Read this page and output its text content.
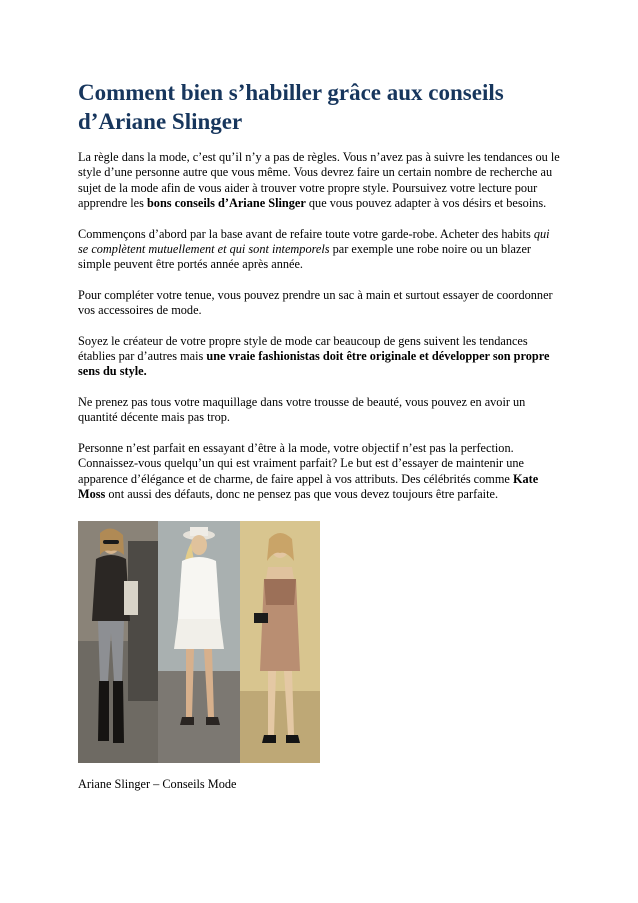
Comment bien s’habiller grâce aux conseils d’Ariane Slinger

La règle dans la mode, c’est qu’il n’y a pas de règles. Vous n’avez pas à suivre les tendances ou le style d’une personne autre que vous même. Vous devrez faire un certain nombre de recherche au sujet de la mode afin de vous aider à trouver votre propre style. Poursuivez votre lecture pour apprendre les bons conseils d’Ariane Slinger que vous pouvez adapter à vos désirs et besoins.

Commençons d’abord par la base avant de refaire toute votre garde-robe. Acheter des habits qui se complètent mutuellement et qui sont intemporels par exemple une robe noire ou un blazer simple peuvent être portés année après année.

Pour compléter votre tenue, vous pouvez prendre un sac à main et surtout essayer de coordonner vos accessoires de mode.

Soyez le créateur de votre propre style de mode car beaucoup de gens suivent les tendances établies par d’autres mais une vraie fashionistas doit être originale et développer son propre sens du style.

Ne prenez pas tous votre maquillage dans votre trousse de beauté, vous pouvez en avoir un quantité décente mais pas trop.

Personne n’est parfait en essayant d’être à la mode, votre objectif n’est pas la perfection. Connaissez-vous quelqu’un qui est vraiment parfait? Le but est d’essayer de maintenir une apparence d’élégance et de charme, de faire appel à vos attributs. Des célébrités comme Kate Moss ont aussi des défauts, donc ne pensez pas que vous devez toujours être parfaite.

Ariane Slinger – Conseils Mode
